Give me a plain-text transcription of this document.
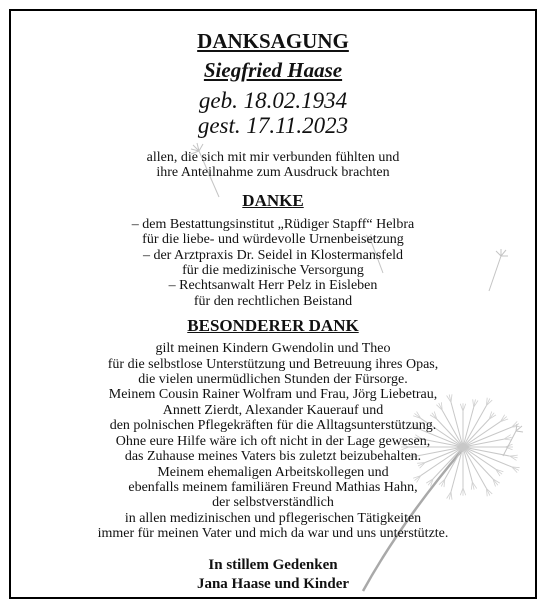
DANKSAGUNG
Siegfried Haase
geb. 18.02.1934
gest. 17.11.2023
allen, die sich mit mir verbunden fühlten und
ihre Anteilnahme zum Ausdruck brachten
DANKE
– dem Bestattungsinstitut „Rüdiger Stapff“ Helbra
für die liebe- und würdevolle Urnenbeisetzung
– der Arztpraxis Dr. Seidel in Klostermansfeld
für die medizinische Versorgung
– Rechtsanwalt Herr Pelz in Eisleben
für den rechtlichen Beistand
BESONDERER DANK
gilt meinen Kindern Gwendolin und Theo
für die selbstlose Unterstützung und Betreuung ihres Opas,
die vielen unermüdlichen Stunden der Fürsorge.
Meinem Cousin Rainer Wolfram und Frau, Jörg Liebetrau,
Annett Zierdt, Alexander Kauerauf und
den polnischen Pflegekräften für die Alltagsunterstützung.
Ohne eure Hilfe wäre ich oft nicht in der Lage gewesen,
das Zuhause meines Vaters bis zuletzt beizubehalten.
Meinem ehemaligen Arbeitskollegen und
ebenfalls meinem familiären Freund Mathias Hahn,
der selbstverständlich
in allen medizinischen und pflegerischen Tätigkeiten
immer für meinen Vater und mich da war und uns unterstützte.
In stillem Gedenken
Jana Haase und Kinder
